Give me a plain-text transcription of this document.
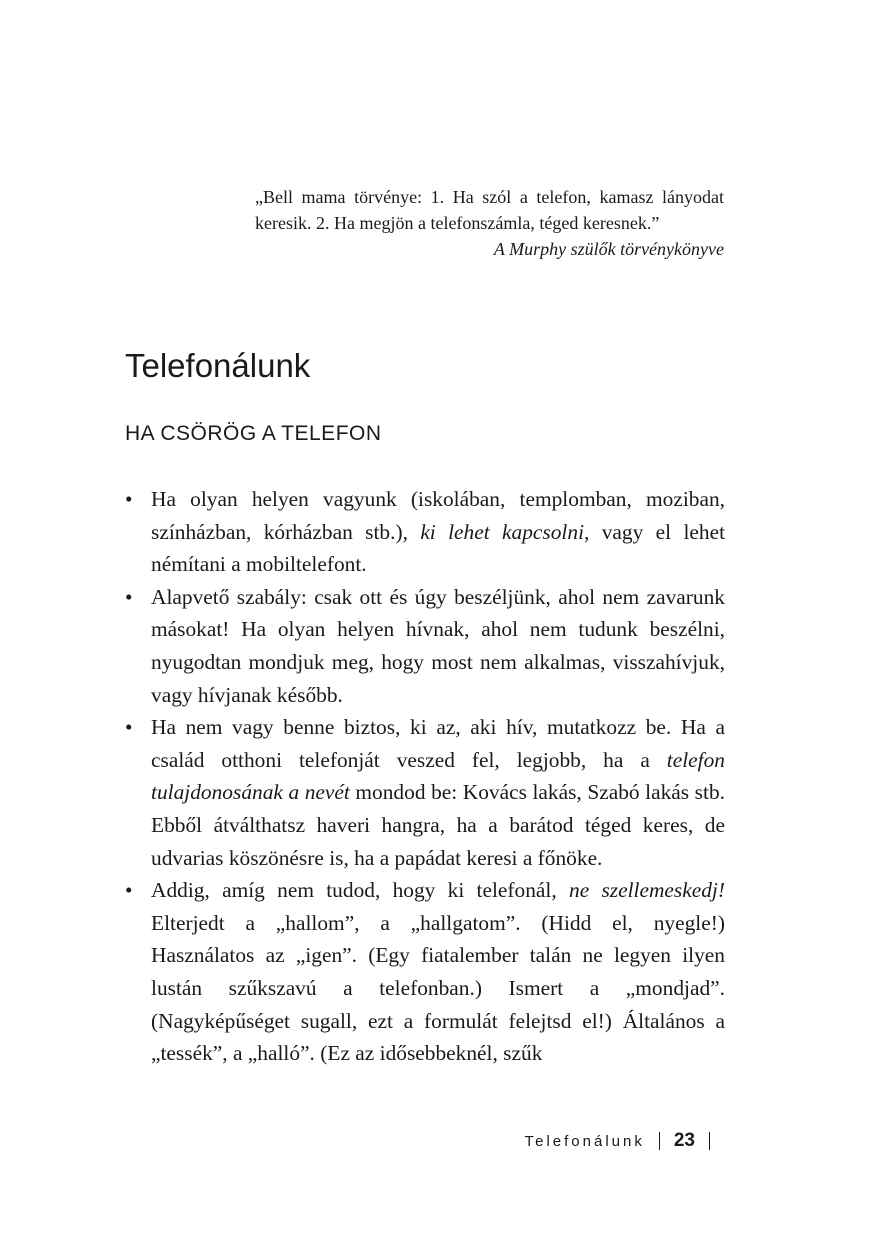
„Bell mama törvénye: 1. Ha szól a telefon, kamasz lányodat keresik. 2. Ha megjön a telefonszámla, téged keresnek.”

A Murphy szülők törvénykönyve

Telefonálunk
HA CSÖRÖG A TELEFON
• Ha olyan helyen vagyunk (iskolában, templomban, moziban, színházban, kórházban stb.), ki lehet kapcsolni, vagy el lehet némítani a mobiltelefont.
• Alapvető szabály: csak ott és úgy beszéljünk, ahol nem zavarunk másokat! Ha olyan helyen hívnak, ahol nem tudunk beszélni, nyugodtan mondjuk meg, hogy most nem alkalmas, visszahívjuk, vagy hívjanak később.
• Ha nem vagy benne biztos, ki az, aki hív, mutatkozz be. Ha a család otthoni telefonját veszed fel, legjobb, ha a telefon tulajdonosának a nevét mondod be: Kovács lakás, Szabó lakás stb. Ebből átválthatsz haveri hangra, ha a barátod téged keres, de udvarias köszönésre is, ha a papádat keresi a főnöke.
• Addig, amíg nem tudod, hogy ki telefonál, ne szellemeskedj! Elterjedt a „hallom”, a „hallgatom”. (Hidd el, nyegle!) Használatos az „igen”. (Egy fiatalember talán ne legyen ilyen lustán szűkszavú a telefonban.) Ismert a „mondjad”. (Nagyképűséget sugall, ezt a formulát felejtsd el!) Általános a „tessék”, a „halló”. (Ez az idősebbeknél, szűk
Telefonálunk 23
